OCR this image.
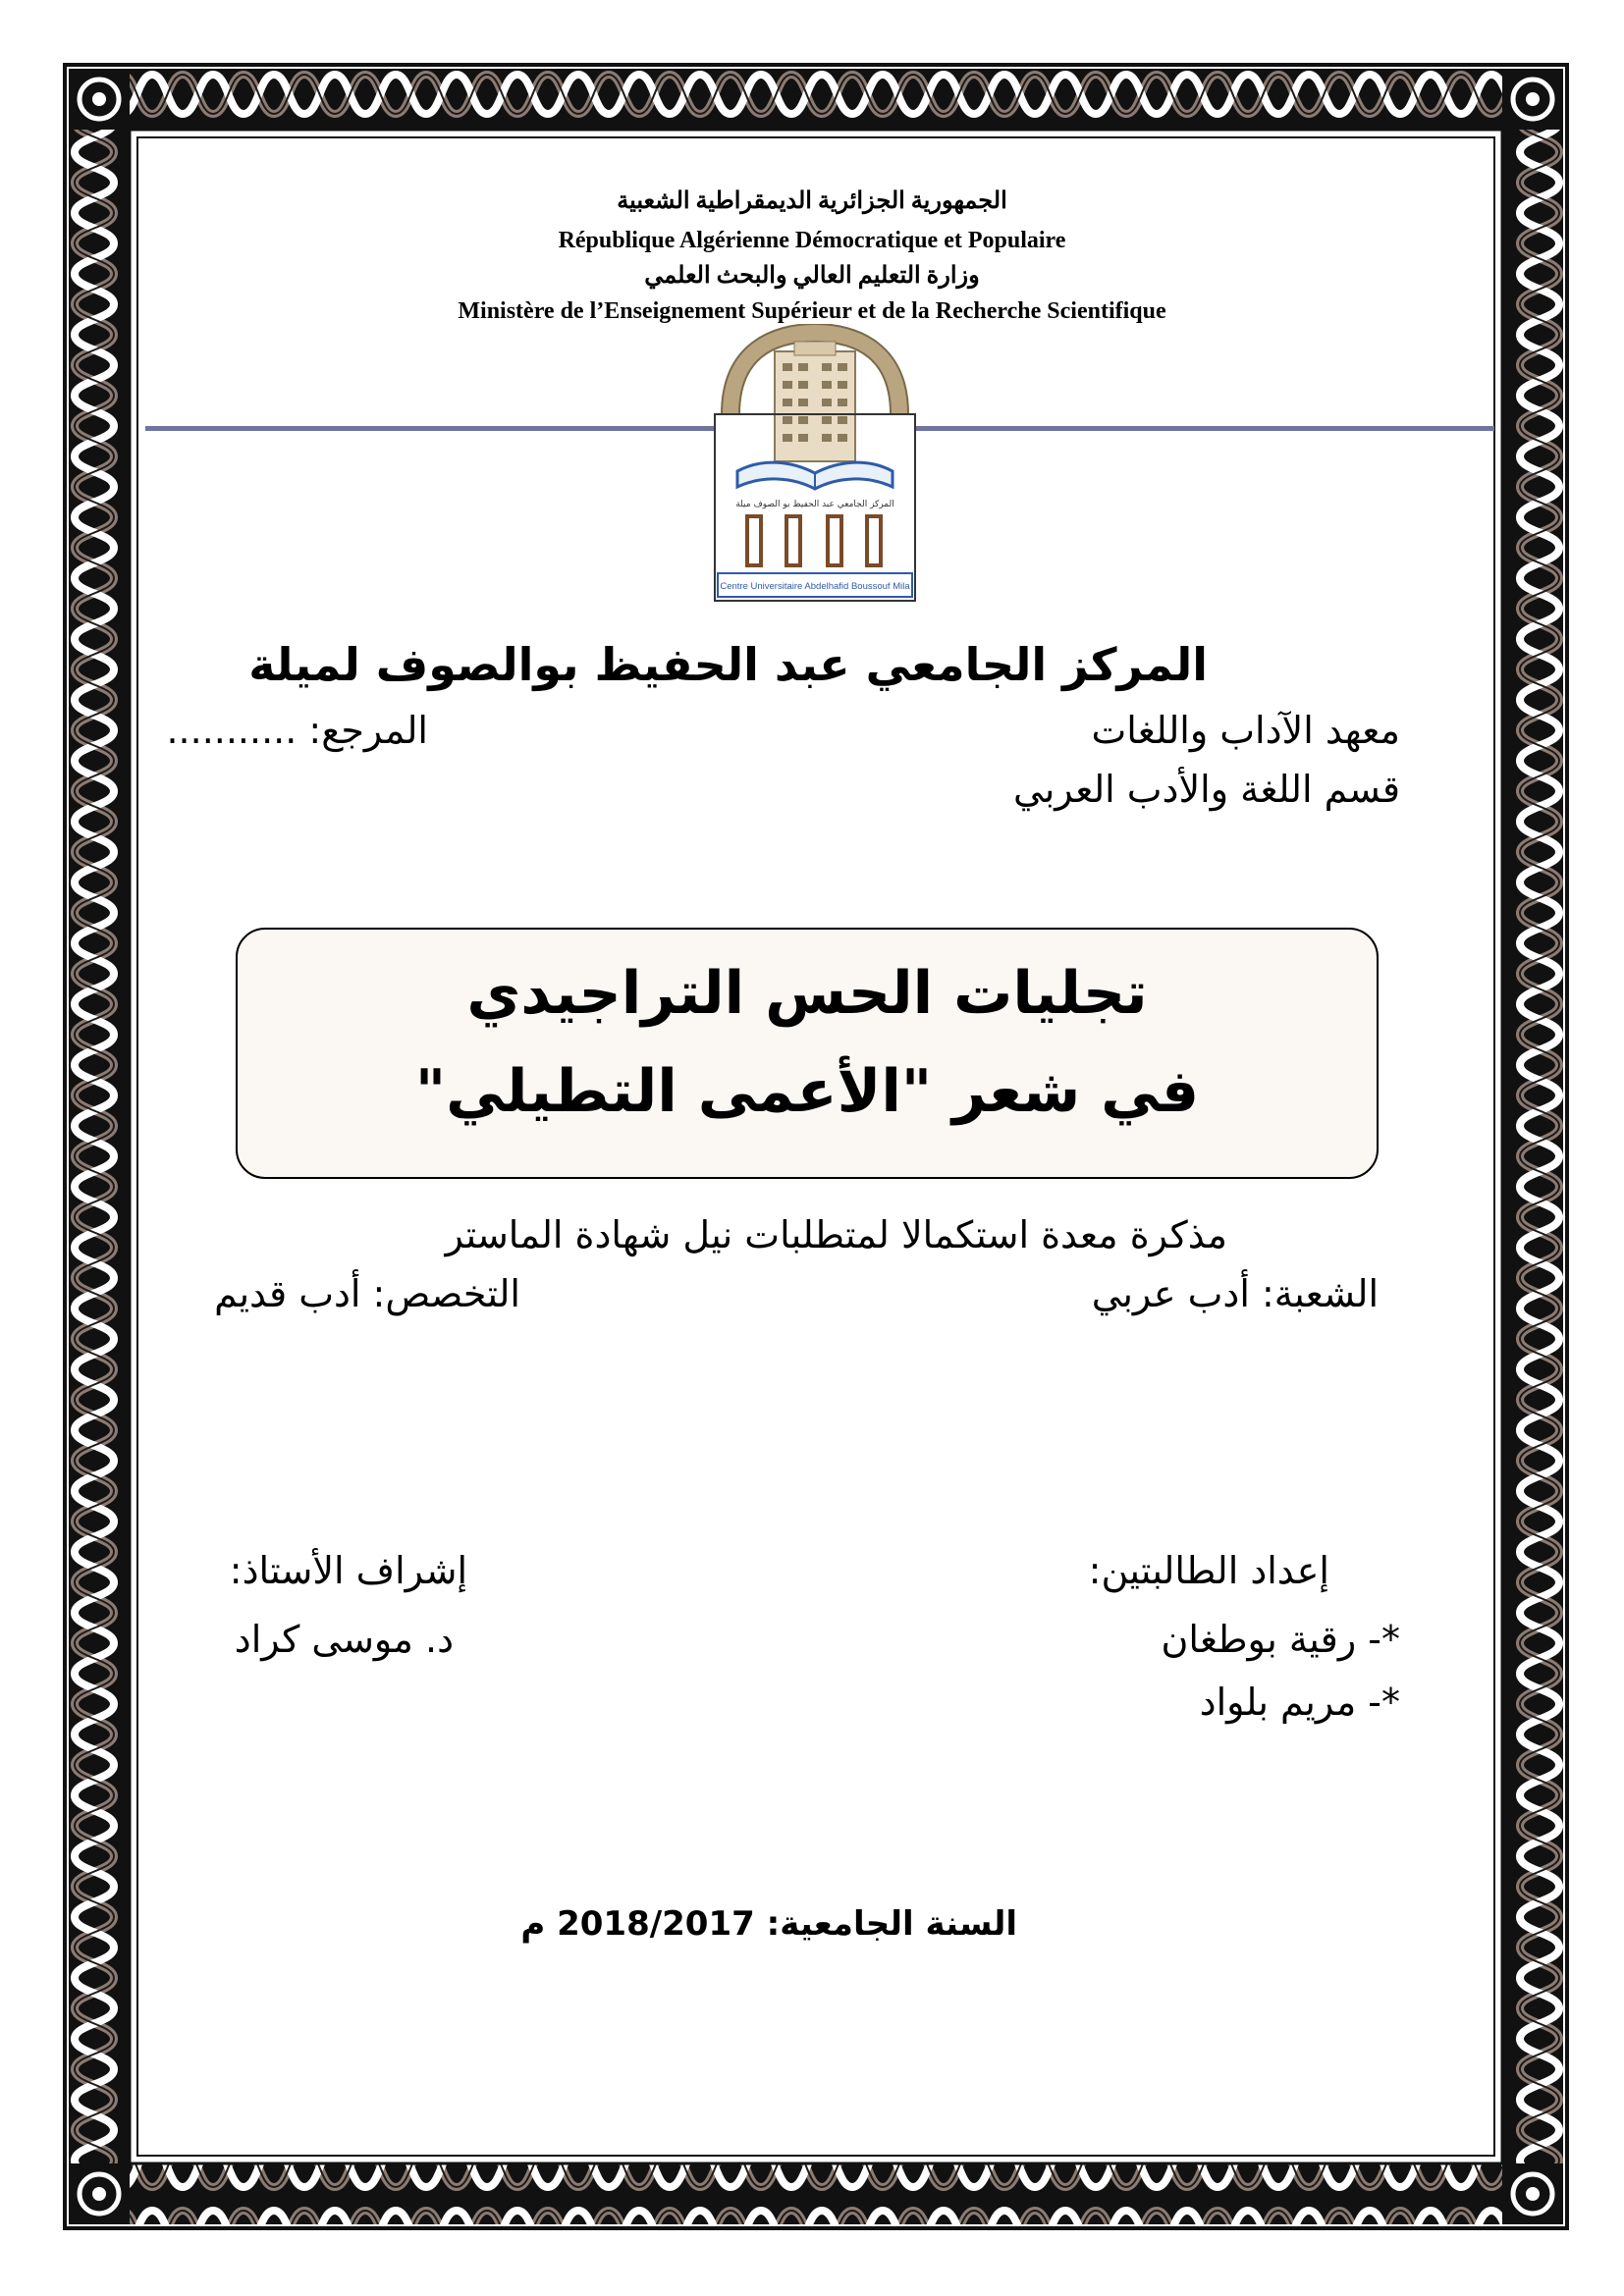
الجمهورية الجزائرية الديمقراطية الشعبية
République Algérienne Démocratique et Populaire
وزارة التعليم العالي والبحث العلمي
Ministère de l’Enseignement Supérieur et de la Recherche Scientifique
المركز الجامعي عبد الحفيظ بو الصوف ميلة
Centre Universitaire Abdelhafid Boussouf Mila
المركز الجامعي عبد الحفيظ بوالصوف لميلة
معهد الآداب واللغات
المرجع: ...........
قسم اللغة والأدب العربي
تجليات الحس التراجيدي
في شعر "الأعمى التطيلي"
مذكرة معدة استكمالا لمتطلبات نيل شهادة الماستر
الشعبة: أدب عربي
التخصص: أدب قديم
إعداد الطالبتين:
*- رقية بوطغان
*- مريم بلواد
إشراف الأستاذ:
د. موسى كراد
السنة الجامعية: 2018/2017 م
